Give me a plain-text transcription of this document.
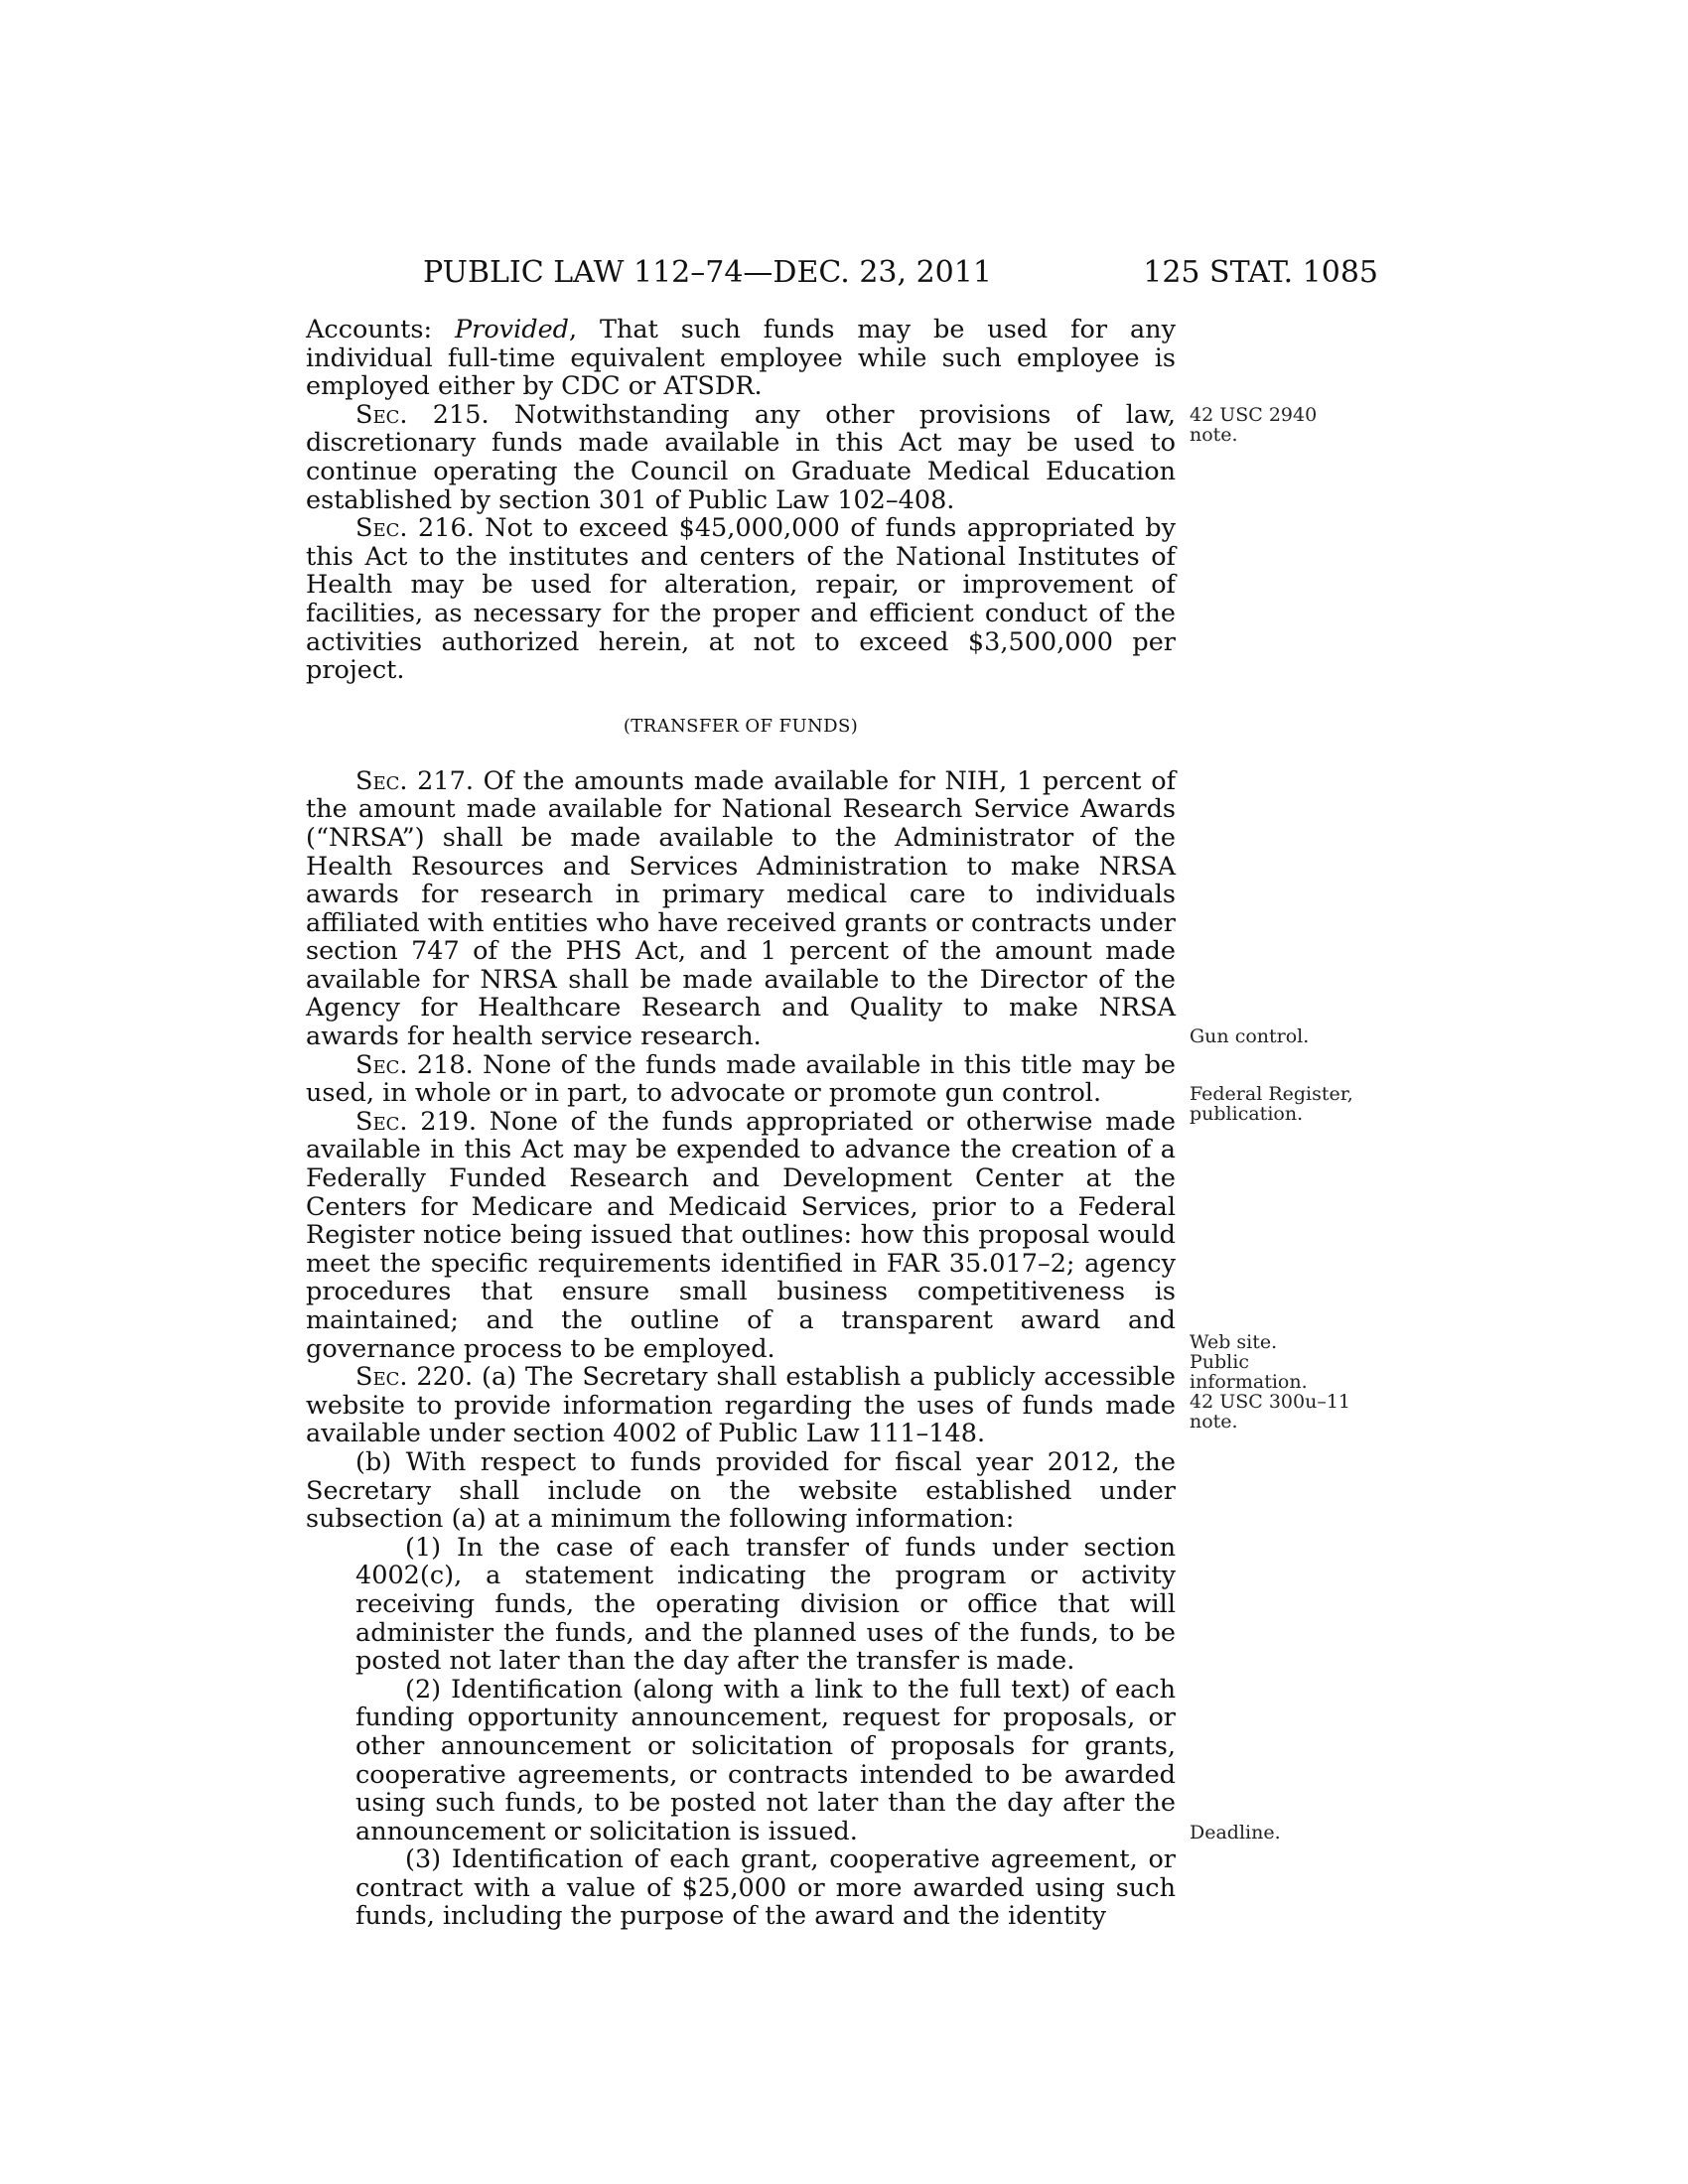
PUBLIC LAW 112–74—DEC. 23, 2011	125 STAT. 1085

Accounts: Provided, That such funds may be used for any individual full-time equivalent employee while such employee is employed either by CDC or ATSDR.

Sec. 215. Notwithstanding any other provisions of law, discretionary funds made available in this Act may be used to continue operating the Council on Graduate Medical Education established by section 301 of Public Law 102–408.

Sec. 216. Not to exceed $45,000,000 of funds appropriated by this Act to the institutes and centers of the National Institutes of Health may be used for alteration, repair, or improvement of facilities, as necessary for the proper and efficient conduct of the activities authorized herein, at not to exceed $3,500,000 per project.

(TRANSFER OF FUNDS)

Sec. 217. Of the amounts made available for NIH, 1 percent of the amount made available for National Research Service Awards (“NRSA”) shall be made available to the Administrator of the Health Resources and Services Administration to make NRSA awards for research in primary medical care to individuals affiliated with entities who have received grants or contracts under section 747 of the PHS Act, and 1 percent of the amount made available for NRSA shall be made available to the Director of the Agency for Healthcare Research and Quality to make NRSA awards for health service research.

Sec. 218. None of the funds made available in this title may be used, in whole or in part, to advocate or promote gun control.

Sec. 219. None of the funds appropriated or otherwise made available in this Act may be expended to advance the creation of a Federally Funded Research and Development Center at the Centers for Medicare and Medicaid Services, prior to a Federal Register notice being issued that outlines: how this proposal would meet the specific requirements identified in FAR 35.017–2; agency procedures that ensure small business competitiveness is maintained; and the outline of a transparent award and governance process to be employed.

Sec. 220. (a) The Secretary shall establish a publicly accessible website to provide information regarding the uses of funds made available under section 4002 of Public Law 111–148.

(b) With respect to funds provided for fiscal year 2012, the Secretary shall include on the website established under subsection (a) at a minimum the following information:

(1) In the case of each transfer of funds under section 4002(c), a statement indicating the program or activity receiving funds, the operating division or office that will administer the funds, and the planned uses of the funds, to be posted not later than the day after the transfer is made.

(2) Identification (along with a link to the full text) of each funding opportunity announcement, request for proposals, or other announcement or solicitation of proposals for grants, cooperative agreements, or contracts intended to be awarded using such funds, to be posted not later than the day after the announcement or solicitation is issued.

(3) Identification of each grant, cooperative agreement, or contract with a value of $25,000 or more awarded using such funds, including the purpose of the award and the identity

42 USC 2940
note.
Gun control.
Federal Register,
publication.
Web site.
Public
information.
42 USC 300u–11
note.
Deadline.
